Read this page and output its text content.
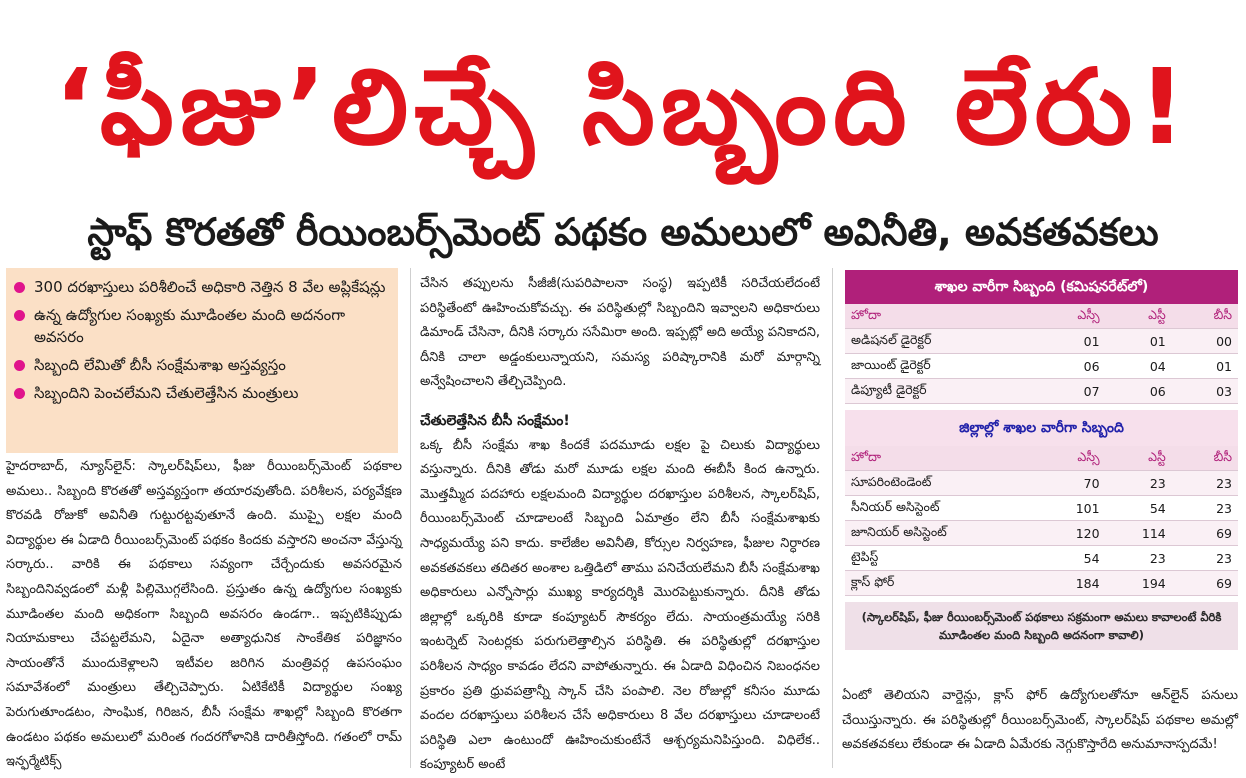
‘ఫీజు’లిచ్చే సిబ్బంది లేరు!
స్టాఫ్ కొరతతో రీయింబర్స్‌మెంట్ పథకం అమలులో అవినీతి, అవకతవకలు
300 దరఖాస్తులు పరిశీలించే అధికారి నెత్తిన 8 వేల అప్లికేషన్లు
ఉన్న ఉద్యోగుల సంఖ్యకు మూడింతల మంది అదనంగా అవసరం
సిబ్బంది లేమితో బీసీ సంక్షేమశాఖ అస్తవ్యస్తం
సిబ్బందిని పెంచలేమని చేతులెత్తేసిన మంత్రులు

హైదరాబాద్, న్యూస్‌లైన్: స్కాలర్‌షిప్‌లు, ఫీజు రీయింబర్స్‌మెంట్ పథకాల అమలు.. సిబ్బంది కొరతతో అస్తవ్యస్తంగా తయారవుతోంది. పరిశీలన, పర్యవేక్షణ కొరవడి రోజుకో అవినీతి గుట్టురట్టవుతూనే ఉంది. ముప్పై లక్షల మంది విద్యార్థుల ఈ ఏడాది రీయింబర్స్‌మెంట్ పథకం కిందకు వస్తారని అంచనా వేస్తున్న సర్కారు.. వారికి ఈ పథకాలు సవ్యంగా చేర్చేందుకు అవసరమైన సిబ్బందినివ్వడంలో మళ్లీ పిల్లిమొగ్గలేసింది. ప్రస్తుతం ఉన్న ఉద్యోగుల సంఖ్యకు మూడింతల మంది అధికంగా సిబ్బంది అవసరం ఉండగా.. ఇప్పటికిప్పుడు నియామకాలు చేపట్టలేమని, ఏదైనా అత్యాధునిక సాంకేతిక పరిజ్ఞానం సాయంతోనే ముందుకెళ్లాలని ఇటీవల జరిగిన మంత్రివర్గ ఉపసంఘం సమావేశంలో మంత్రులు తేల్చిచెప్పారు. ఏటికేటికీ విద్యార్థుల సంఖ్య పెరుగుతూండటం, సాంఘిక, గిరిజన, బీసీ సంక్షేమ శాఖల్లో సిబ్బంది కొరతగా ఉండటం పథకం అమలులో మరింత గందరగోళానికి దారితీస్తోంది. గతంలో రామ్ ఇన్ఫర్మేటిక్స్

చేసిన తప్పులను సీజీజీ(సుపరిపాలనా సంస్థ) ఇప్పటికీ సరిచేయలేదంటే పరిస్థితేంటో ఊహించుకోవచ్చు. ఈ పరిస్థితుల్లో సిబ్బందిని ఇవ్వాలని అధికారులు డిమాండ్ చేసినా, దీనికి సర్కారు ససేమిరా అంది. ఇప్పట్లో అది అయ్యే పనికాదని, దీనికి చాలా అడ్డంకులున్నాయని, సమస్య పరిష్కారానికి మరో మార్గాన్ని అన్వేషించాలని తేల్చిచెప్పింది.

చేతులెత్తేసిన బీసీ సంక్షేమం!

ఒక్క బీసీ సంక్షేమ శాఖ కిందకే పదమూడు లక్షల పై చిలుకు విద్యార్థులు వస్తున్నారు. దీనికి తోడు మరో మూడు లక్షల మంది ఈబీసీ కింద ఉన్నారు. మొత్తమ్మీద పదహారు లక్షలమంది విద్యార్థుల దరఖాస్తుల పరిశీలన, స్కాలర్‌షిప్, రీయింబర్స్‌మెంట్ చూడాలంటే సిబ్బంది ఏమాత్రం లేని బీసీ సంక్షేమశాఖకు సాధ్యమయ్యే పని కాదు. కాలేజీల అవినీతి, కోర్సుల నిర్వహణ, ఫీజుల నిర్ధారణ అవకతవకలు తదితర అంశాల ఒత్తిడిలో తాము పనిచేయలేమని బీసీ సంక్షేమశాఖ అధికారులు ఎన్నోసార్లు ముఖ్య కార్యదర్శికి మొరపెట్టుకున్నారు. దీనికి తోడు జిల్లాల్లో ఒక్కరికి కూడా కంప్యూటర్ సౌకర్యం లేదు. సాయంత్రమయ్యే సరికి ఇంటర్నెట్ సెంటర్లకు పరుగులెత్తాల్సిన పరిస్థితి. ఈ పరిస్థితుల్లో దరఖాస్తుల పరిశీలన సాధ్యం కావడం లేదని వాపోతున్నారు. ఈ ఏడాది విధించిన నిబంధనల ప్రకారం ప్రతి ధ్రువపత్రాన్నీ స్కాన్ చేసి పంపాలి. నెల రోజుల్లో కనీసం మూడు వందల దరఖాస్తులు పరిశీలన చేసే అధికారులు 8 వేల దరఖాస్తులు చూడాలంటే పరిస్థితి ఎలా ఉంటుందో ఊహించుకుంటేనే ఆశ్చర్యమనిపిస్తుంది. విధిలేక.. కంప్యూటర్ అంటే

శాఖల వారీగా సిబ్బంది (కమిషనరేట్‌లో)
హోదా	ఎస్సీ	ఎస్టీ	బీసీ
అడిషనల్ డైరెక్టర్	01	01	00
జాయింట్ డైరెక్టర్	06	04	01
డిప్యూటీ డైరెక్టర్	07	06	03
జిల్లాల్లో శాఖల వారీగా సిబ్బంది
హోదా	ఎస్సీ	ఎస్టీ	బీసీ
సూపరింటెండెంట్	70	23	23
సీనియర్ అసిస్టెంట్	101	54	23
జూనియర్ అసిస్టెంట్	120	114	69
టైపిస్ట్	54	23	23
క్లాస్ ఫోర్	184	194	69
(స్కాలర్‌షిప్, ఫీజు రీయింబర్స్‌మెంట్ పథకాలు సక్రమంగా అమలు కావాలంటే వీరికి మూడింతల మంది సిబ్బంది అదనంగా కావాలి)

ఏంటో తెలియని వార్డెన్లు, క్లాస్ ఫోర్ ఉద్యోగులతోనూ ఆన్‌లైన్ పనులు చేయిస్తున్నారు. ఈ పరిస్థితుల్లో రీయింబర్స్‌మెంట్, స్కాలర్‌షిప్ పథకాల అమల్లో అవకతవకలు లేకుండా ఈ ఏడాది ఏమేరకు నెగ్గుకొస్తారేది అనుమానాస్పదమే!
